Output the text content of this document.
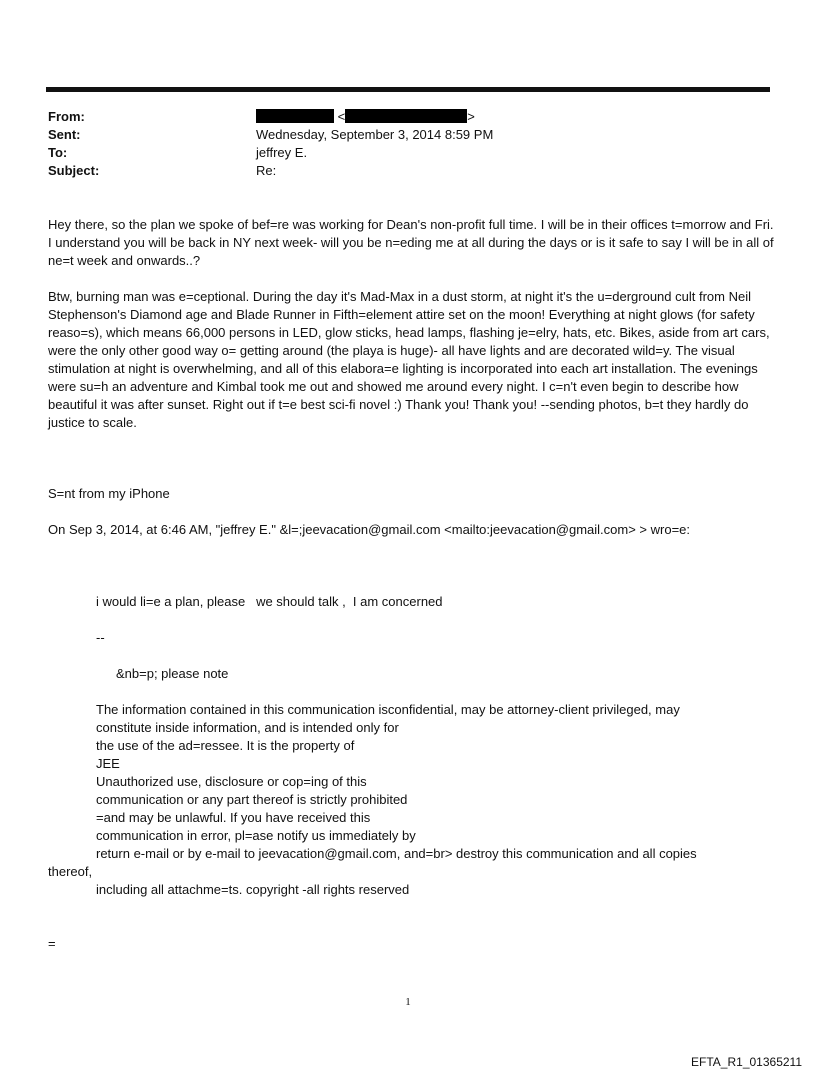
From:	<	>
Sent:	Wednesday, September 3, 2014 8:59 PM
To:	jeffrey E.
Subject:	Re:

Hey there, so the plan we spoke of bef=re was working for Dean's non-profit full time. I will be in their offices t=morrow and Fri. I understand you will be back in NY next week- will you be n=eding me at all during the days or is it safe to say I will be in all of ne=t week and onwards..?

Btw, burning man was e=ceptional. During the day it's Mad-Max in a dust storm, at night it's the u=derground cult from Neil Stephenson's Diamond age and Blade Runner in Fifth=element attire set on the moon! Everything at night glows (for safety reaso=s), which means 66,000 persons in LED, glow sticks, head lamps, flashing je=elry, hats, etc. Bikes, aside from art cars, were the only other good way o= getting around (the playa is huge)- all have lights and are decorated wild=y. The visual stimulation at night is overwhelming, and all of this elabora=e lighting is incorporated into each art installation. The evenings were su=h an adventure and Kimbal took me out and showed me around every night. I c=n't even begin to describe how beautiful it was after sunset. Right out if t=e best sci-fi novel :) Thank you! Thank you! --sending photos, b=t they hardly do justice to scale.

S=nt from my iPhone
On Sep 3, 2014, at 6:46 AM, "jeffrey E." &l=;jeevacation@gmail.com <mailto:jeevacation@gmail.com> > wro=e:
i would li=e a plan, please   we should talk ,  I am concerned
--
&nb=p; please note
The information contained in this communication isconfidential, may be attorney-client privileged, may
constitute inside information, and is intended only for
the use of the ad=ressee. It is the property of
JEE
Unauthorized use, disclosure or cop=ing of this
communication or any part thereof is strictly prohibited
=and may be unlawful. If you have received this
communication in error, pl=ase notify us immediately by
return e-mail or by e-mail to jeevacation@gmail.com, and=br> destroy this communication and all copies
thereof,
including all attachme=ts. copyright -all rights reserved
=
1
EFTA_R1_01365211
